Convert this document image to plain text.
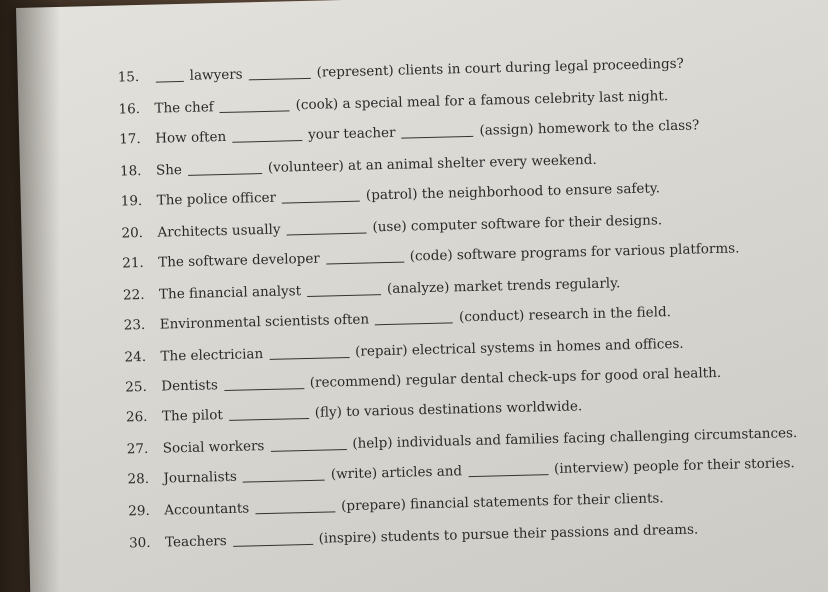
15.	lawyers	(represent) clients in court during legal proceedings?
16.	The chef	(cook) a special meal for a famous celebrity last night.
17.	How often	your teacher	(assign) homework to the class?
18.	She	(volunteer) at an animal shelter every weekend.
19.	The police officer	(patrol) the neighborhood to ensure safety.
20.	Architects usually	(use) computer software for their designs.
21.	The software developer	(code) software programs for various platforms.
22.	The financial analyst	(analyze) market trends regularly.
23.	Environmental scientists often	(conduct) research in the field.
24.	The electrician	(repair) electrical systems in homes and offices.
25.	Dentists	(recommend) regular dental check-ups for good oral health.
26.	The pilot	(fly) to various destinations worldwide.
27.	Social workers	(help) individuals and families facing challenging circumstances.
28.	Journalists	(write) articles and	(interview) people for their stories.
29.	Accountants	(prepare) financial statements for their clients.
30.	Teachers	(inspire) students to pursue their passions and dreams.
